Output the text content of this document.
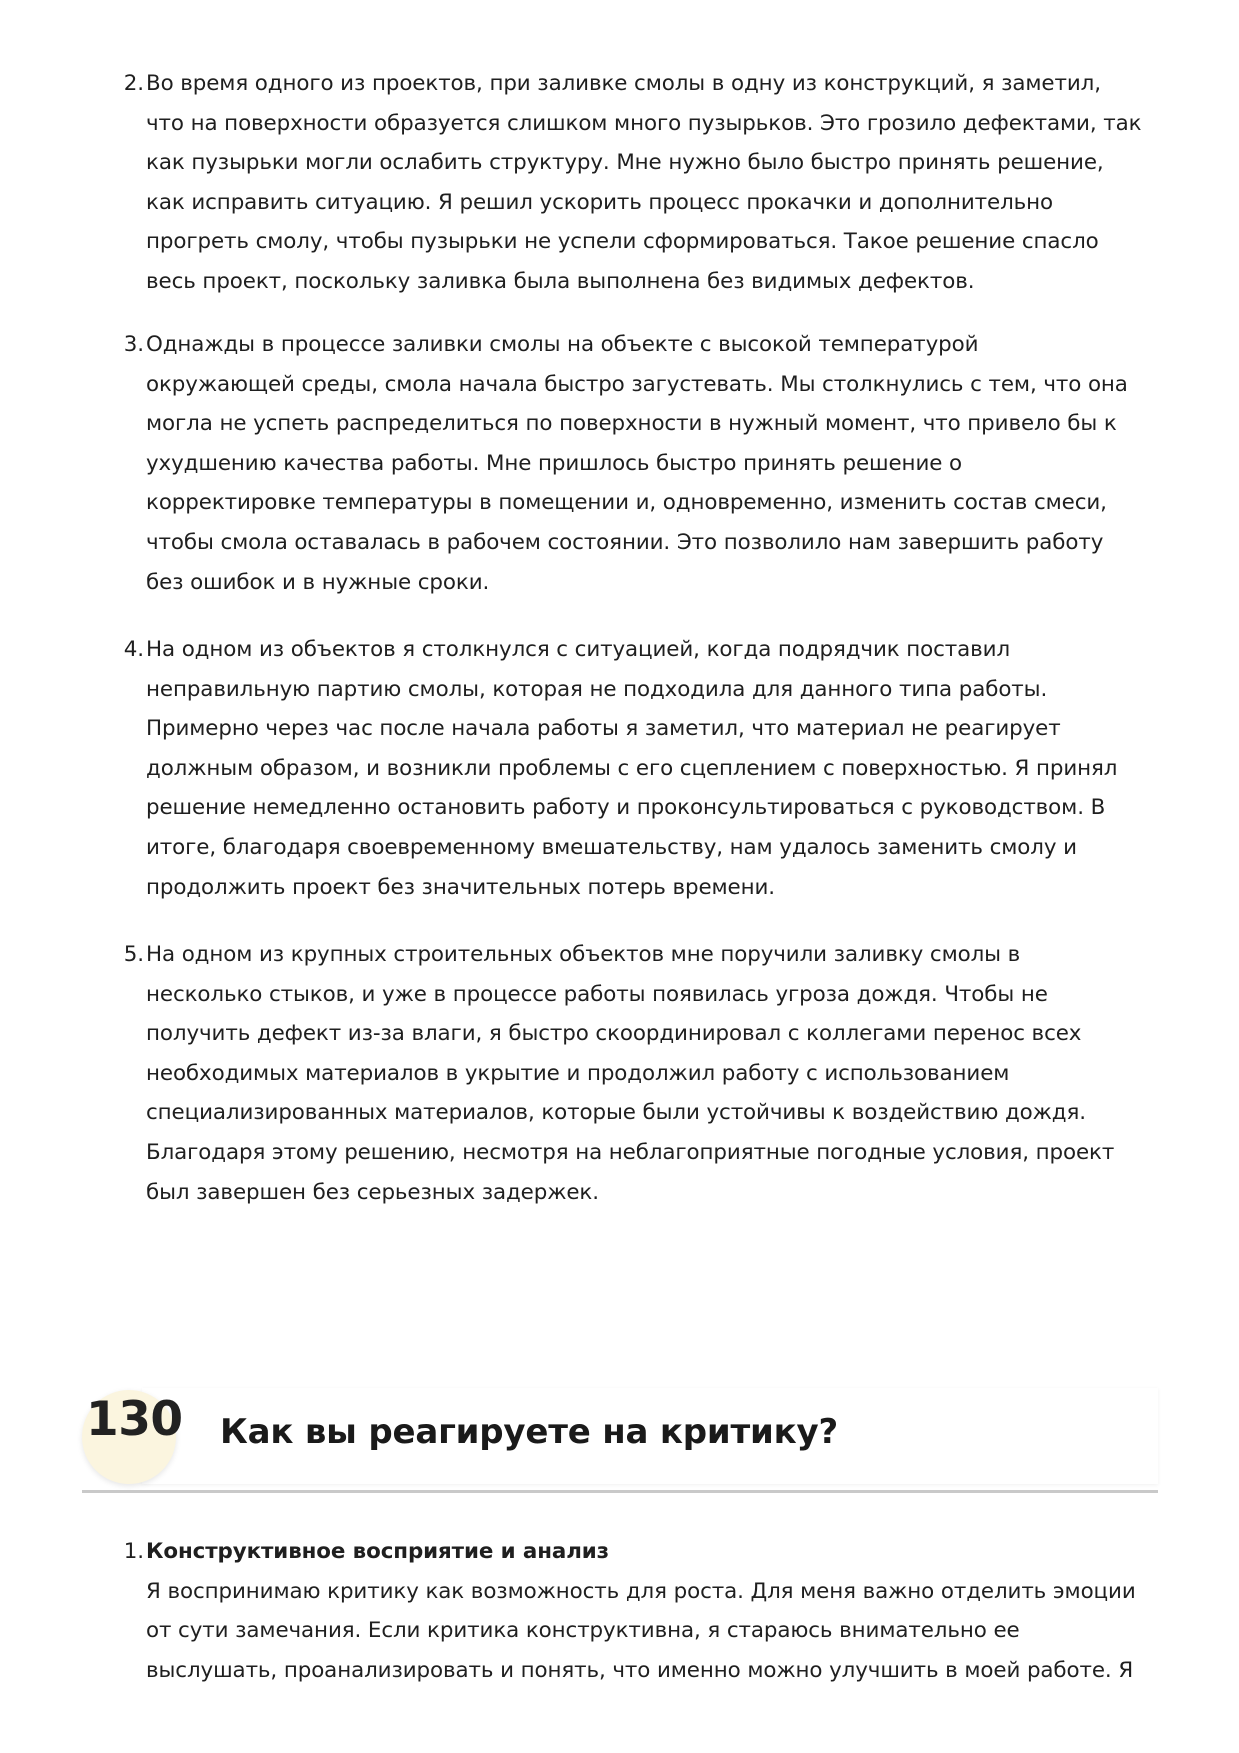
2. Во время одного из проектов, при заливке смолы в одну из конструкций, я заметил,
что на поверхности образуется слишком много пузырьков. Это грозило дефектами, так
как пузырьки могли ослабить структуру. Мне нужно было быстро принять решение,
как исправить ситуацию. Я решил ускорить процесс прокачки и дополнительно
прогреть смолу, чтобы пузырьки не успели сформироваться. Такое решение спасло
весь проект, поскольку заливка была выполнена без видимых дефектов.
3. Однажды в процессе заливки смолы на объекте с высокой температурой
окружающей среды, смола начала быстро загустевать. Мы столкнулись с тем, что она
могла не успеть распределиться по поверхности в нужный момент, что привело бы к
ухудшению качества работы. Мне пришлось быстро принять решение о
корректировке температуры в помещении и, одновременно, изменить состав смеси,
чтобы смола оставалась в рабочем состоянии. Это позволило нам завершить работу
без ошибок и в нужные сроки.
4. На одном из объектов я столкнулся с ситуацией, когда подрядчик поставил
неправильную партию смолы, которая не подходила для данного типа работы.
Примерно через час после начала работы я заметил, что материал не реагирует
должным образом, и возникли проблемы с его сцеплением с поверхностью. Я принял
решение немедленно остановить работу и проконсультироваться с руководством. В
итоге, благодаря своевременному вмешательству, нам удалось заменить смолу и
продолжить проект без значительных потерь времени.
5. На одном из крупных строительных объектов мне поручили заливку смолы в
несколько стыков, и уже в процессе работы появилась угроза дождя. Чтобы не
получить дефект из-за влаги, я быстро скоординировал с коллегами перенос всех
необходимых материалов в укрытие и продолжил работу с использованием
специализированных материалов, которые были устойчивы к воздействию дождя.
Благодаря этому решению, несмотря на неблагоприятные погодные условия, проект
был завершен без серьезных задержек.
130 Как вы реагируете на критику?
1. Конструктивное восприятие и анализ
Я воспринимаю критику как возможность для роста. Для меня важно отделить эмоции
от сути замечания. Если критика конструктивна, я стараюсь внимательно ее
выслушать, проанализировать и понять, что именно можно улучшить в моей работе. Я
